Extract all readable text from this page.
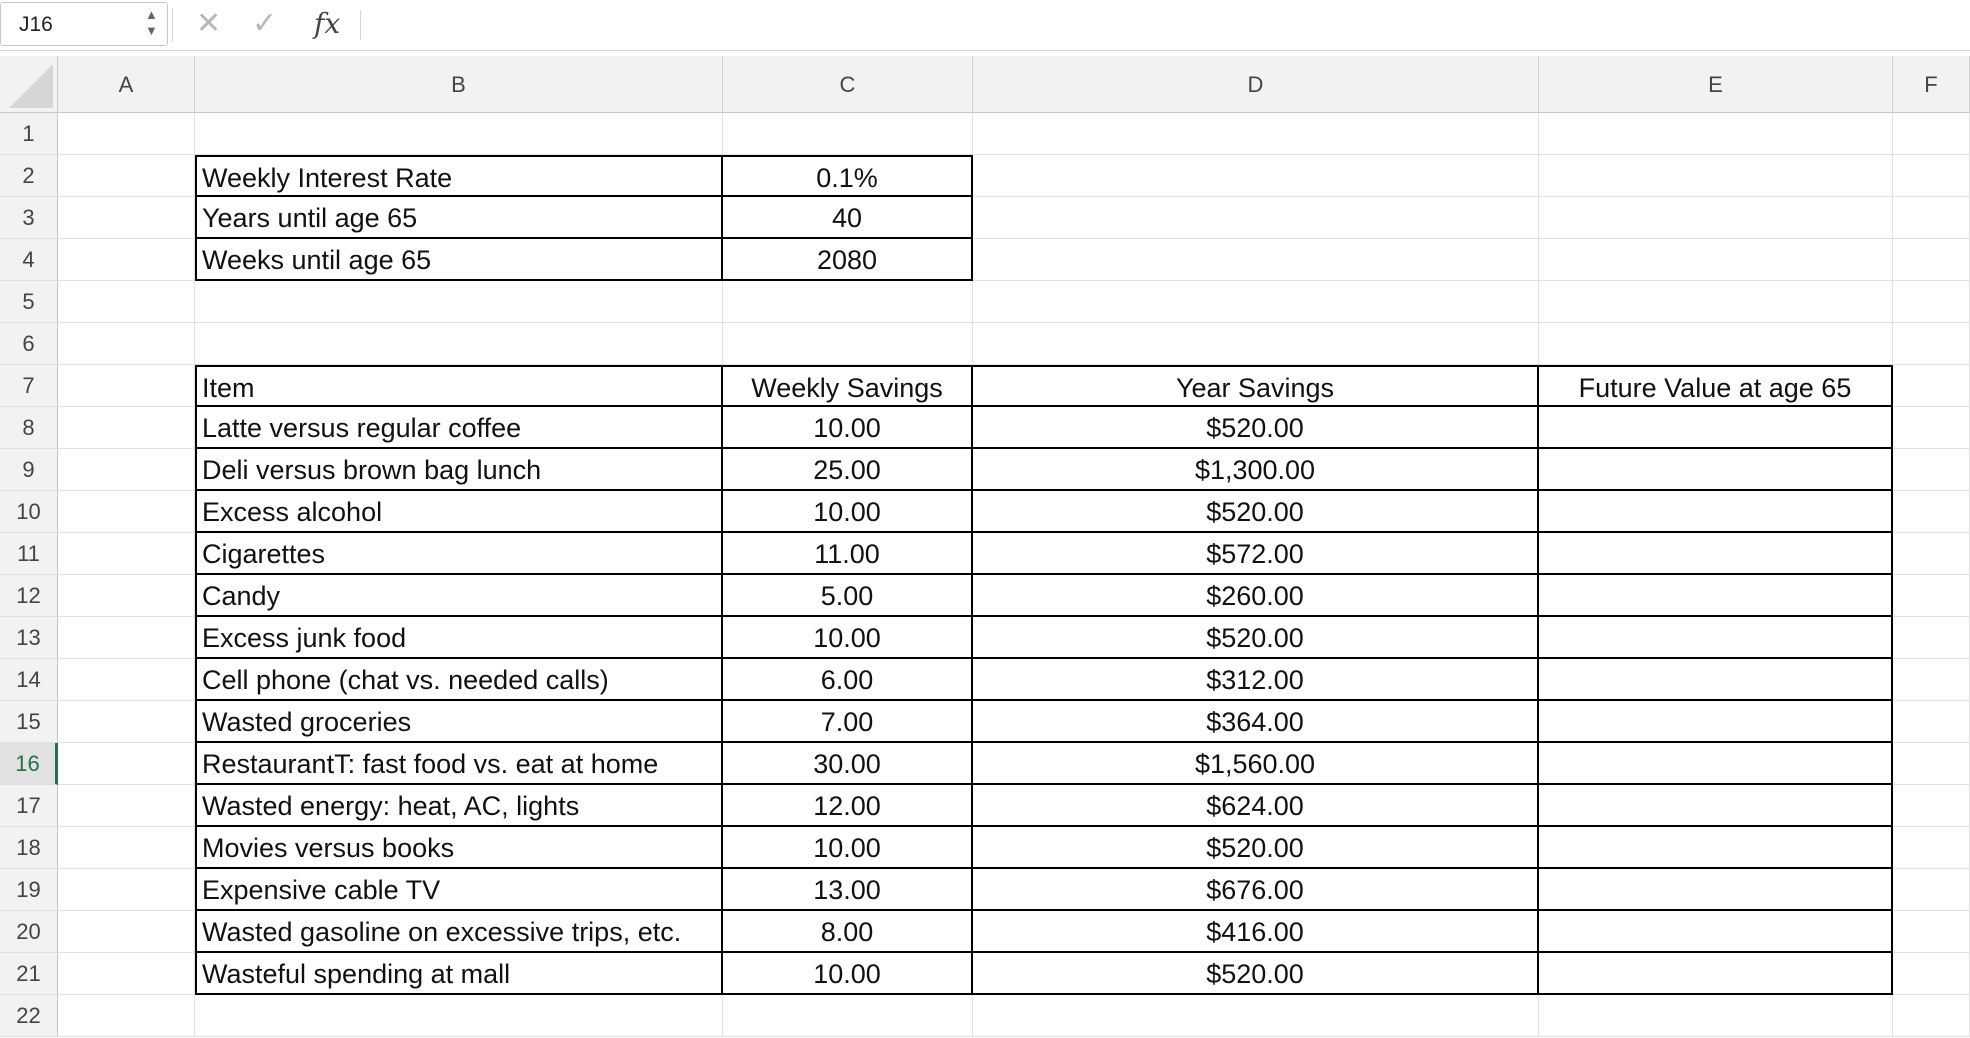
J16	▲
▼ ✕ ✓ fx
A	B	C	D	E	F
1
2
3
4
5
6
7
8
9
10
11
12
13
14
15
16
17
18
19
20
21
22
Weekly Interest Rate	0.1%
Years until age 65	40
Weeks until age 65	2080
Item	Weekly Savings	Year Savings	Future Value at age 65
Latte versus regular coffee	10.00	$520.00
Deli versus brown bag lunch	25.00	$1,300.00
Excess alcohol	10.00	$520.00
Cigarettes	11.00	$572.00
Candy	5.00	$260.00
Excess junk food	10.00	$520.00
Cell phone (chat vs. needed calls)	6.00	$312.00
Wasted groceries	7.00	$364.00
RestaurantT: fast food vs. eat at home	30.00	$1,560.00
Wasted energy: heat, AC, lights	12.00	$624.00
Movies versus books	10.00	$520.00
Expensive cable TV	13.00	$676.00
Wasted gasoline on excessive trips, etc.	8.00	$416.00
Wasteful spending at mall	10.00	$520.00
